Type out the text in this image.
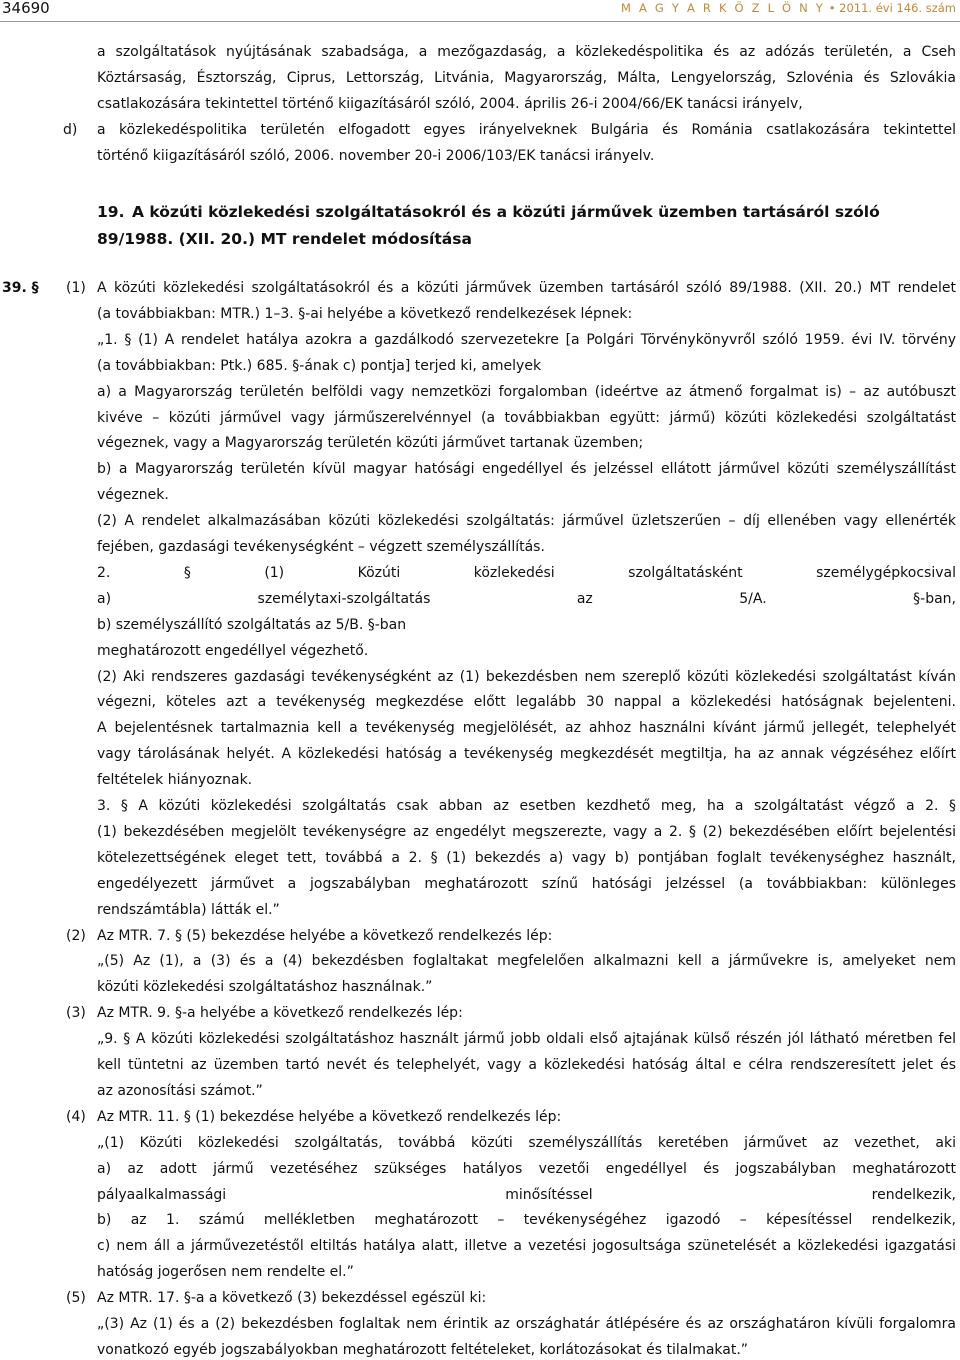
34690	M A G Y A R K Ö Z L Ö N Y • 2011. évi 146. szám
a szolgáltatások nyújtásának szabadsága, a mezőgazdaság, a közlekedéspolitika és az adózás területén, a Cseh
Köztársaság, Észtország, Ciprus, Lettország, Litvánia, Magyarország, Málta, Lengyelország, Szlovénia és Szlovákia
csatlakozására tekintettel történő kiigazításáról szóló, 2004. április 26-i 2004/66/EK tanácsi irányelv,
d) a közlekedéspolitika területén elfogadott egyes irányelveknek Bulgária és Románia csatlakozására tekintettel
történő kiigazításáról szóló, 2006. november 20-i 2006/103/EK tanácsi irányelv.
19. A közúti közlekedési szolgáltatásokról és a közúti járművek üzemben tartásáról szóló
89/1988. (XII. 20.) MT rendelet módosítása
39. § (1) A közúti közlekedési szolgáltatásokról és a közúti járművek üzemben tartásáról szóló 89/1988. (XII. 20.) MT rendelet
(a továbbiakban: MTR.) 1–3. §-ai helyébe a következő rendelkezések lépnek:
„1. § (1) A rendelet hatálya azokra a gazdálkodó szervezetekre [a Polgári Törvénykönyvről szóló 1959. évi IV. törvény
(a továbbiakban: Ptk.) 685. §-ának c) pontja] terjed ki, amelyek
a) a Magyarország területén belföldi vagy nemzetközi forgalomban (ideértve az átmenő forgalmat is) – az autóbuszt
kivéve – közúti járművel vagy járműszerelvénnyel (a továbbiakban együtt: jármű) közúti közlekedési szolgáltatást
végeznek, vagy a Magyarország területén közúti járművet tartanak üzemben;
b) a Magyarország területén kívül magyar hatósági engedéllyel és jelzéssel ellátott járművel közúti személyszállítást
végeznek.
(2) A rendelet alkalmazásában közúti közlekedési szolgáltatás: járművel üzletszerűen – díj ellenében vagy ellenérték
fejében, gazdasági tevékenységként – végzett személyszállítás.
2. § (1) Közúti közlekedési szolgáltatásként személygépkocsival
a) személytaxi-szolgáltatás az 5/A. §-ban,
b) személyszállító szolgáltatás az 5/B. §-ban
meghatározott engedéllyel végezhető.
(2) Aki rendszeres gazdasági tevékenységként az (1) bekezdésben nem szereplő közúti közlekedési szolgáltatást kíván
végezni, köteles azt a tevékenység megkezdése előtt legalább 30 nappal a közlekedési hatóságnak bejelenteni.
A bejelentésnek tartalmaznia kell a tevékenység megjelölését, az ahhoz használni kívánt jármű jellegét, telephelyét
vagy tárolásának helyét. A közlekedési hatóság a tevékenység megkezdését megtiltja, ha az annak végzéséhez előírt
feltételek hiányoznak.
3. § A közúti közlekedési szolgáltatás csak abban az esetben kezdhető meg, ha a szolgáltatást végző a 2. §
(1) bekezdésében megjelölt tevékenységre az engedélyt megszerezte, vagy a 2. § (2) bekezdésében előírt bejelentési
kötelezettségének eleget tett, továbbá a 2. § (1) bekezdés a) vagy b) pontjában foglalt tevékenységhez használt,
engedélyezett járművet a jogszabályban meghatározott színű hatósági jelzéssel (a továbbiakban: különleges
rendszámtábla) látták el.”
(2) Az MTR. 7. § (5) bekezdése helyébe a következő rendelkezés lép:
„(5) Az (1), a (3) és a (4) bekezdésben foglaltakat megfelelően alkalmazni kell a járművekre is, amelyeket nem
közúti közlekedési szolgáltatáshoz használnak.”
(3) Az MTR. 9. §-a helyébe a következő rendelkezés lép:
„9. § A közúti közlekedési szolgáltatáshoz használt jármű jobb oldali első ajtajának külső részén jól látható méretben fel
kell tüntetni az üzemben tartó nevét és telephelyét, vagy a közlekedési hatóság által e célra rendszeresített jelet és
az azonosítási számot.”
(4) Az MTR. 11. § (1) bekezdése helyébe a következő rendelkezés lép:
„(1) Közúti közlekedési szolgáltatás, továbbá közúti személyszállítás keretében járművet az vezethet, aki
a) az adott jármű vezetéséhez szükséges hatályos vezetői engedéllyel és jogszabályban meghatározott
pályaalkalmassági minősítéssel rendelkezik,
b) az 1. számú mellékletben meghatározott – tevékenységéhez igazodó – képesítéssel rendelkezik,
c) nem áll a járművezetéstől eltiltás hatálya alatt, illetve a vezetési jogosultsága szünetelését a közlekedési igazgatási
hatóság jogerősen nem rendelte el.”
(5) Az MTR. 17. §-a a következő (3) bekezdéssel egészül ki:
„(3) Az (1) és a (2) bekezdésben foglaltak nem érintik az országhatár átlépésére és az országhatáron kívüli forgalomra
vonatkozó egyéb jogszabályokban meghatározott feltételeket, korlátozásokat és tilalmakat.”
